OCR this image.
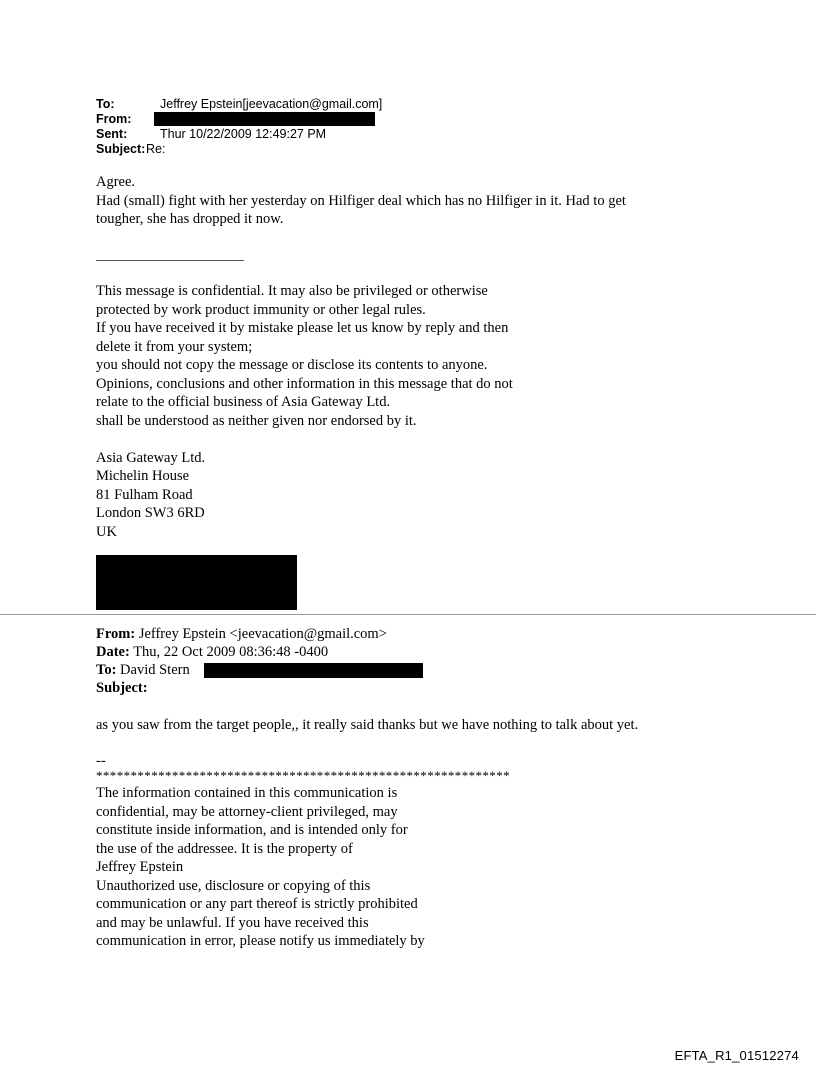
To:	Jeffrey Epstein[jeevacation@gmail.com]
From:
Sent:	Thur 10/22/2009 12:49:27 PM
Subject: Re:
Agree.
Had (small) fight with her yesterday on Hilfiger deal which has no Hilfiger in it. Had to get
tougher, she has dropped it now.
This message is confidential. It may also be privileged or otherwise
protected by work product immunity or other legal rules.
If you have received it by mistake please let us know by reply and then
delete it from your system;
you should not copy the message or disclose its contents to anyone.
Opinions, conclusions and other information in this message that do not
relate to the official business of Asia Gateway Ltd.
shall be understood as neither given nor endorsed by it.
Asia Gateway Ltd.
Michelin House
81 Fulham Road
London SW3 6RD
UK
From: Jeffrey Epstein <jeevacation@gmail.com>
Date: Thu, 22 Oct 2009 08:36:48 -0400
To: David Stern
Subject:
as you saw from the target people,, it really said thanks but we have nothing to talk about yet.
--
************************************************************
The information contained in this communication is
confidential, may be attorney-client privileged, may
constitute inside information, and is intended only for
the use of the addressee. It is the property of
Jeffrey Epstein
Unauthorized use, disclosure or copying of this
communication or any part thereof is strictly prohibited
and may be unlawful. If you have received this
communication in error, please notify us immediately by
EFTA_R1_01512274
